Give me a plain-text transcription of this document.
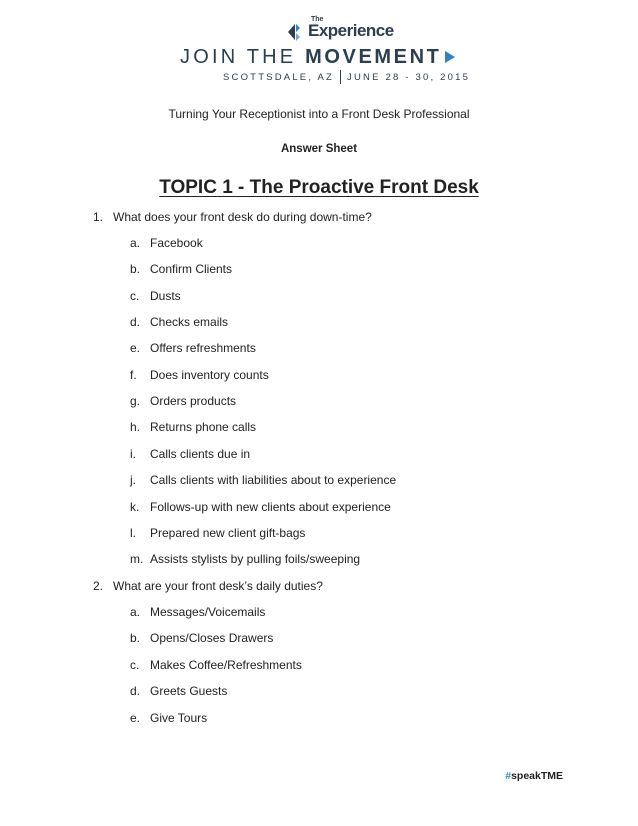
The
Experience
JOIN THE MOVEMENT
SCOTTSDALE, AZ JUNE 28 - 30, 2015
Turning Your Receptionist into a Front Desk Professional
Answer Sheet
TOPIC 1 - The Proactive Front Desk
1. What does your front desk do during down-time?
a. Facebook
b. Confirm Clients
c. Dusts
d. Checks emails
e. Offers refreshments
f. Does inventory counts
g. Orders products
h. Returns phone calls
i. Calls clients due in
j. Calls clients with liabilities about to experience
k. Follows-up with new clients about experience
l. Prepared new client gift-bags
m. Assists stylists by pulling foils/sweeping
2. What are your front desk’s daily duties?
a. Messages/Voicemails
b. Opens/Closes Drawers
c. Makes Coffee/Refreshments
d. Greets Guests
e. Give Tours
#speakTME
